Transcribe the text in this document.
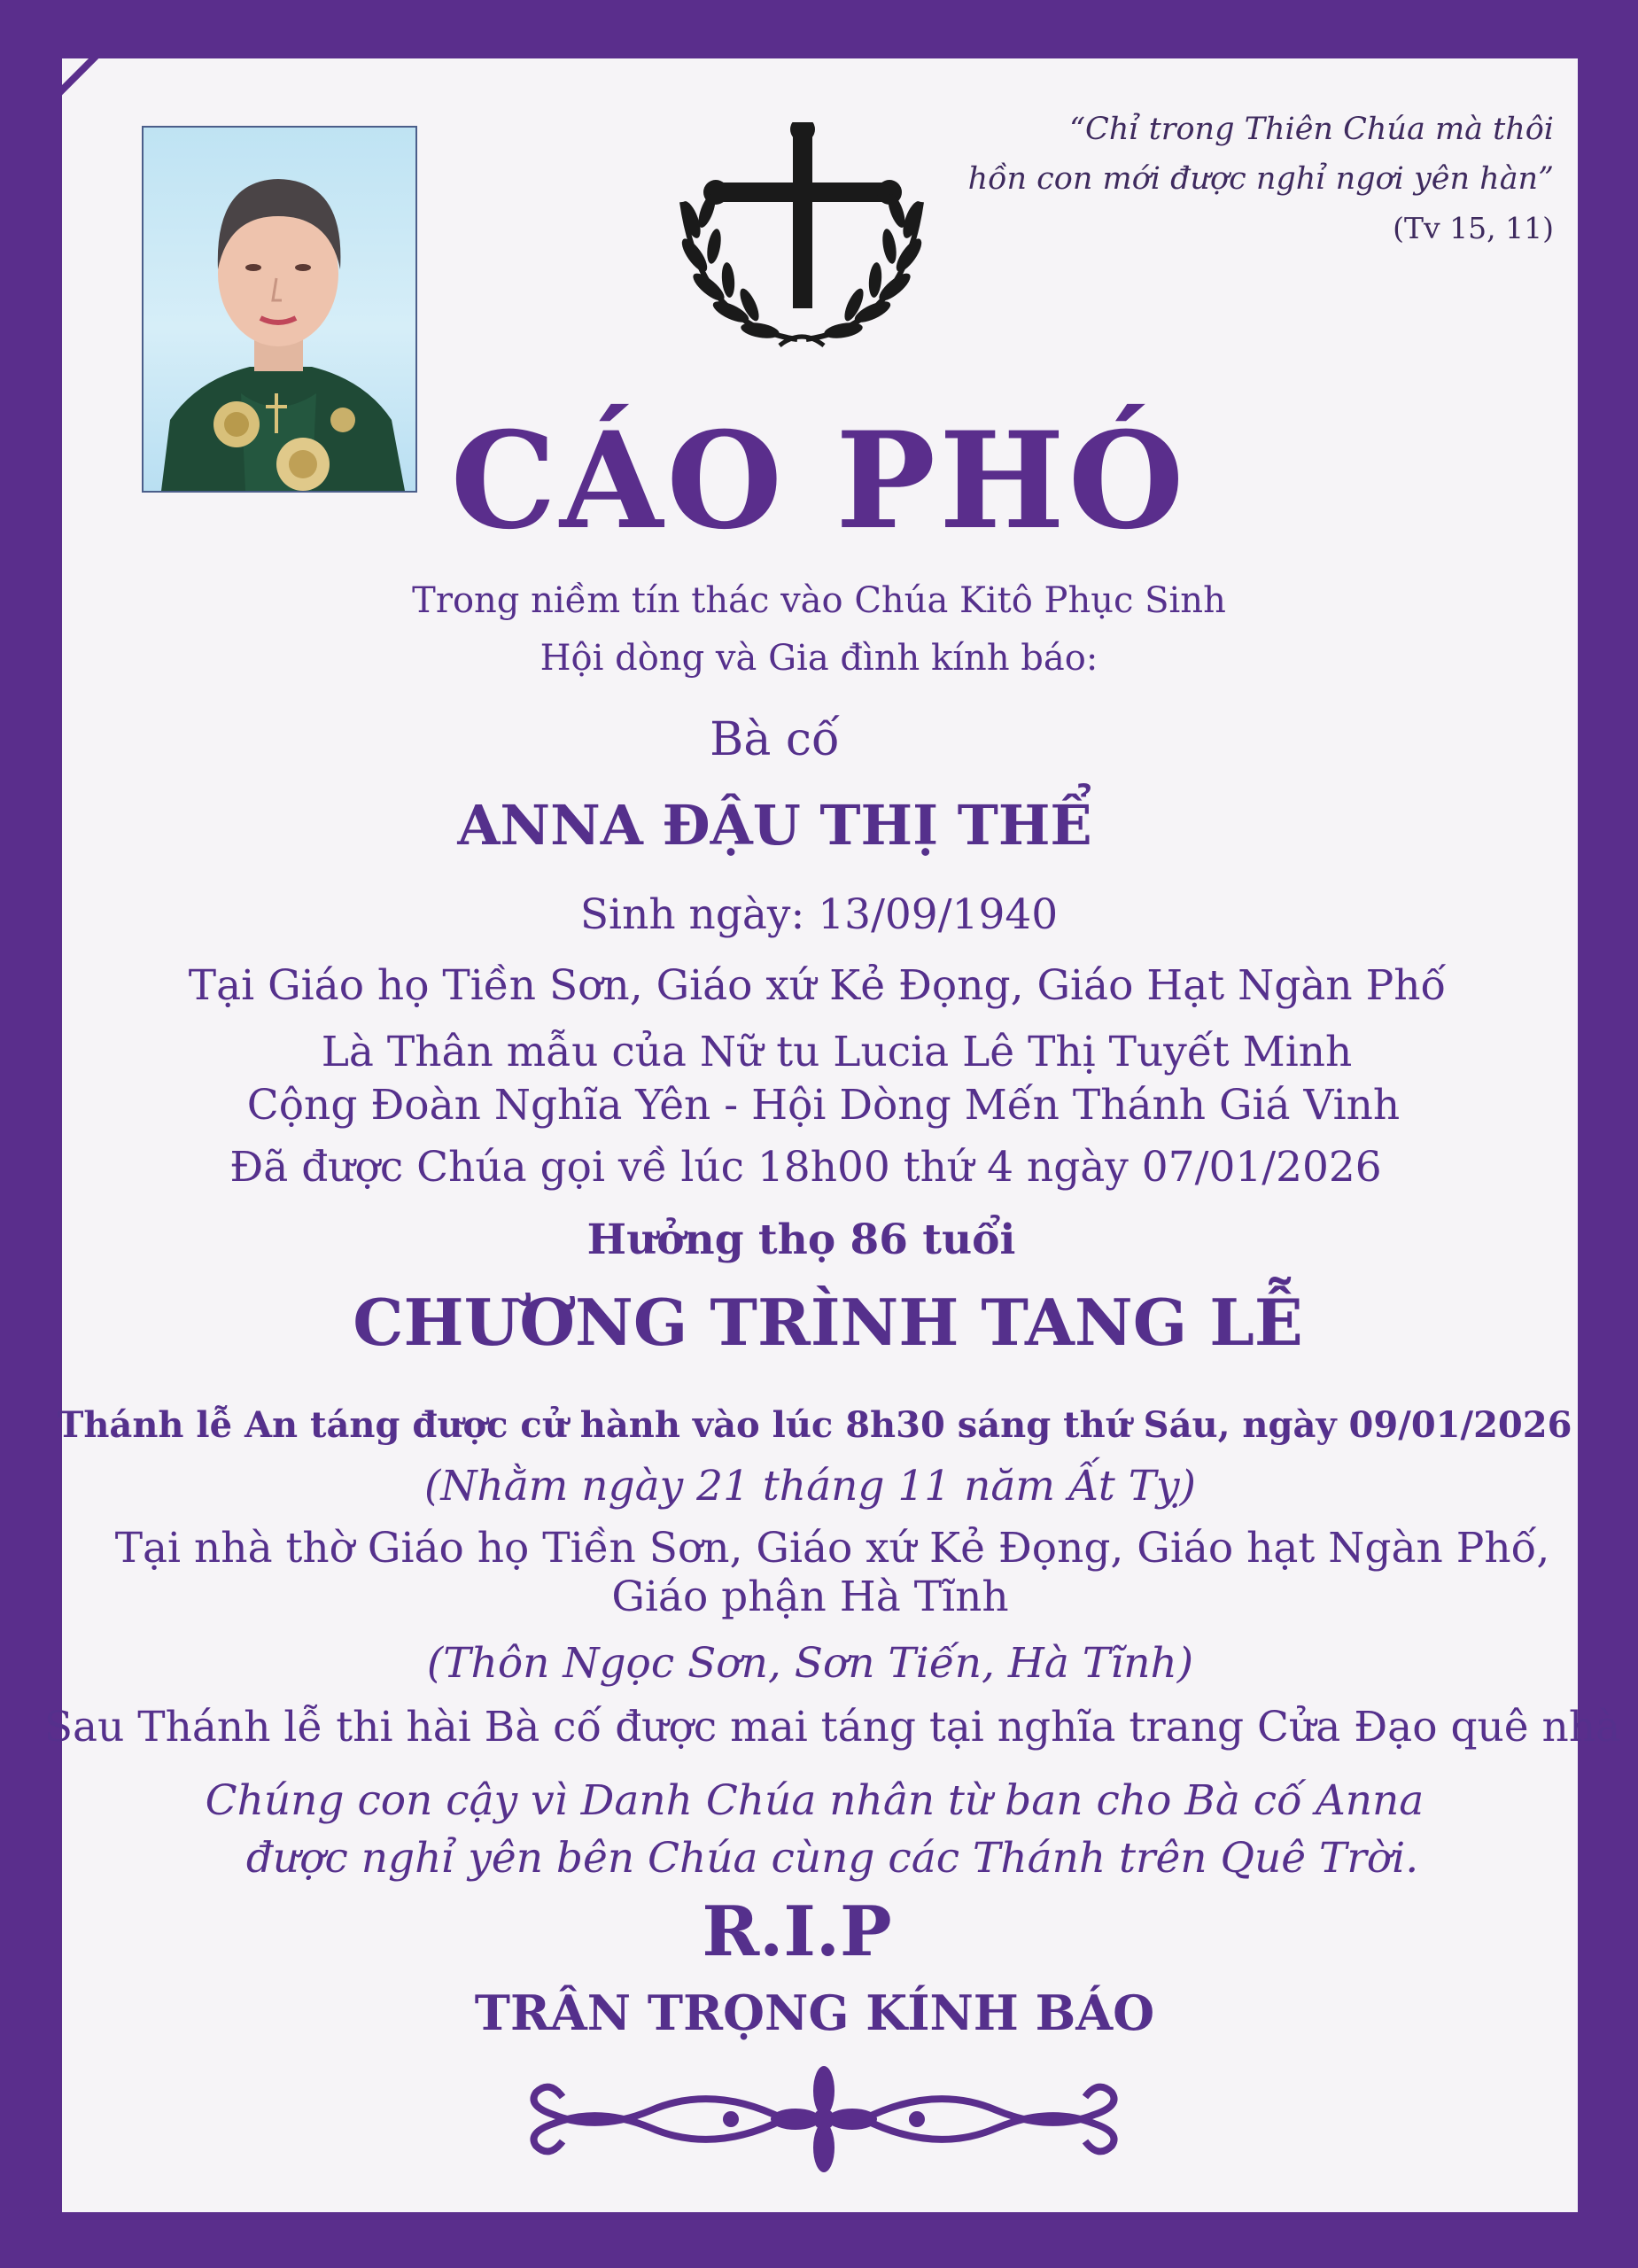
“Chỉ trong Thiên Chúa mà thôi
hồn con mới được nghỉ ngơi yên hàn”
(Tv 15, 11)
CÁO PHÓ
Trong niềm tín thác vào Chúa Kitô Phục Sinh
Hội dòng và Gia đình kính báo:
Bà cố
ANNA ĐẬU THỊ THỂ
Sinh ngày: 13/09/1940
Tại Giáo họ Tiền Sơn, Giáo xứ Kẻ Đọng, Giáo Hạt Ngàn Phố
Là Thân mẫu của Nữ tu Lucia Lê Thị Tuyết Minh
Cộng Đoàn Nghĩa Yên - Hội Dòng Mến Thánh Giá Vinh
Đã được Chúa gọi về lúc 18h00 thứ 4 ngày 07/01/2026
Hưởng thọ 86 tuổi
CHƯƠNG TRÌNH TANG LỄ
Thánh lễ An táng được cử hành vào lúc 8h30 sáng thứ Sáu, ngày 09/01/2026
(Nhằm ngày 21 tháng 11 năm Ất Tỵ)
Tại nhà thờ Giáo họ Tiền Sơn, Giáo xứ Kẻ Đọng, Giáo hạt Ngàn Phố,
Giáo phận Hà Tĩnh
(Thôn Ngọc Sơn, Sơn Tiến, Hà Tĩnh)
Sau Thánh lễ thi hài Bà cố được mai táng tại nghĩa trang Cửa Đạo quê nhà
Chúng con cậy vì Danh Chúa nhân từ ban cho Bà cố Anna
được nghỉ yên bên Chúa cùng các Thánh trên Quê Trời.
R.I.P
TRÂN TRỌNG KÍNH BÁO
